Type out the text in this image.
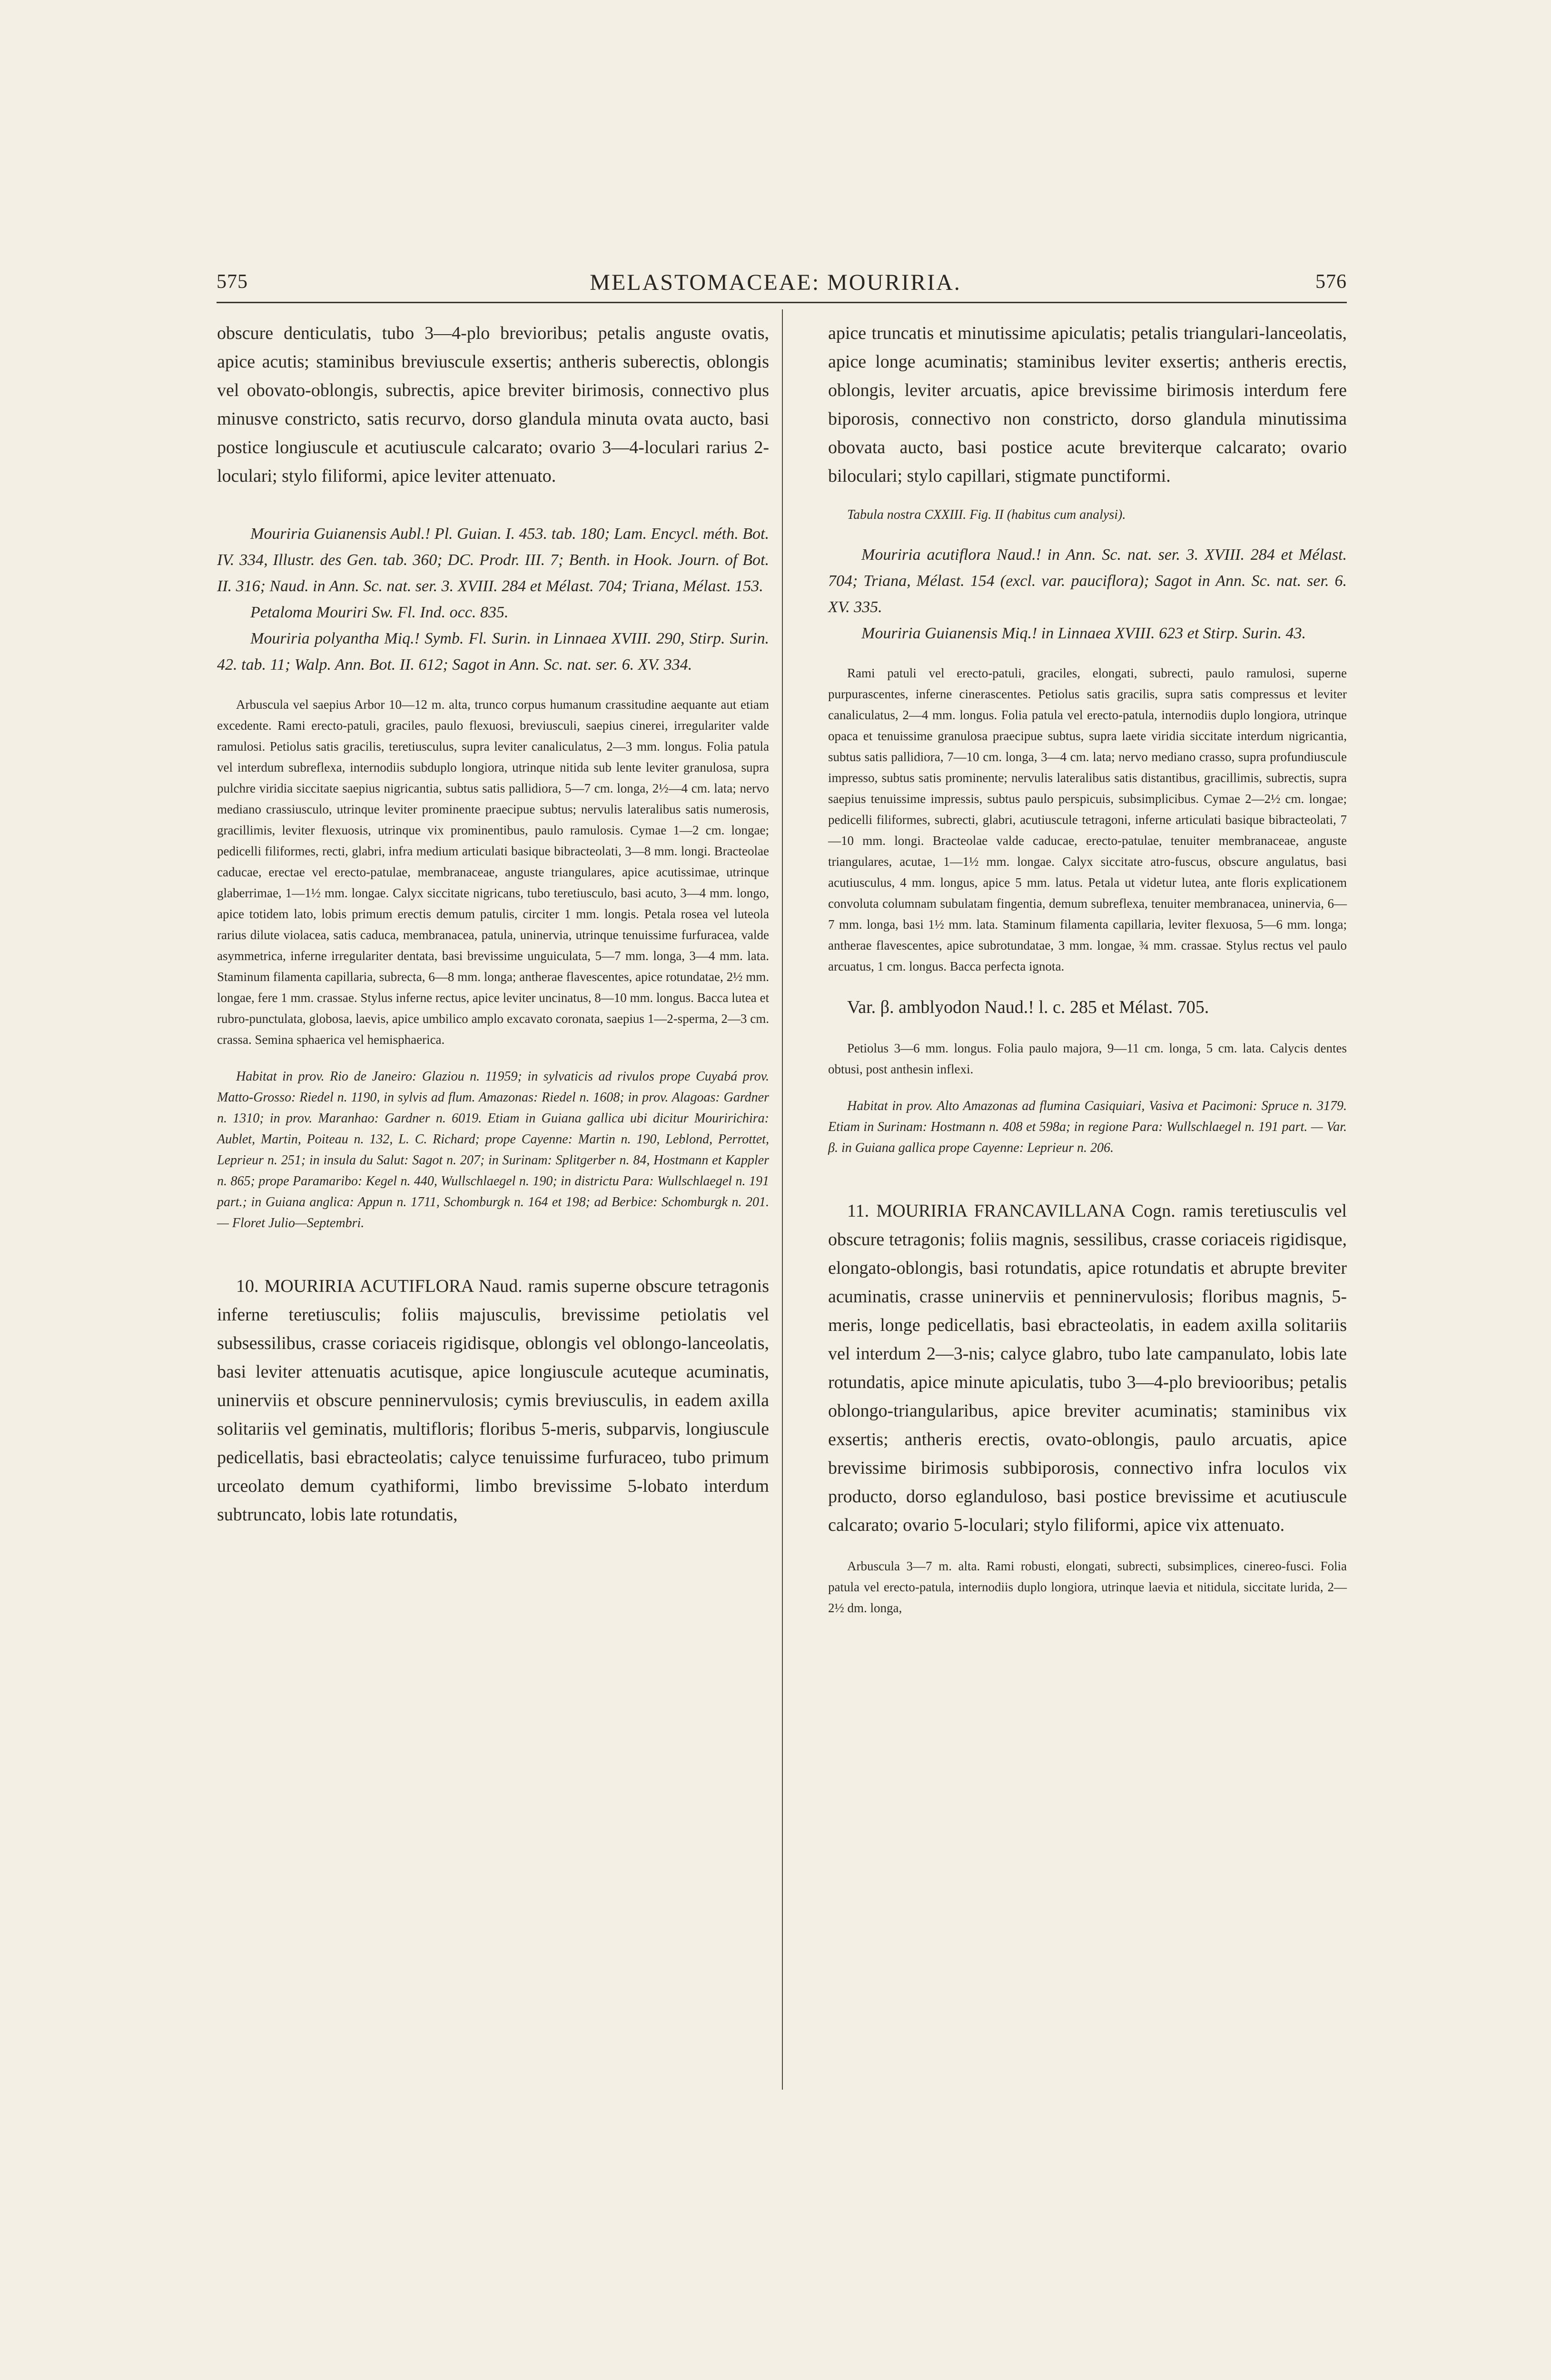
575	MELASTOMACEAE: MOURIRIA.	576

obscure denticulatis, tubo 3—4-plo brevioribus; petalis anguste ovatis, apice acutis; staminibus breviuscule exsertis; antheris suberectis, oblongis vel obovato-oblongis, subrectis, apice breviter birimosis, connectivo plus minusve constricto, satis recurvo, dorso glandula minuta ovata aucto, basi postice longiuscule et acutiuscule calcarato; ovario 3—4-loculari rarius 2-loculari; stylo filiformi, apice leviter attenuato.

Mouriria Guianensis Aubl.! Pl. Guian. I. 453. tab. 180; Lam. Encycl. méth. Bot. IV. 334, Illustr. des Gen. tab. 360; DC. Prodr. III. 7; Benth. in Hook. Journ. of Bot. II. 316; Naud. in Ann. Sc. nat. ser. 3. XVIII. 284 et Mélast. 704; Triana, Mélast. 153.

Petaloma Mouriri Sw. Fl. Ind. occ. 835.

Mouriria polyantha Miq.! Symb. Fl. Surin. in Linnaea XVIII. 290, Stirp. Surin. 42. tab. 11; Walp. Ann. Bot. II. 612; Sagot in Ann. Sc. nat. ser. 6. XV. 334.

Arbuscula vel saepius Arbor 10—12 m. alta, trunco corpus humanum crassitudine aequante aut etiam excedente. Rami erecto-patuli, graciles, paulo flexuosi, breviusculi, saepius cinerei, irregulariter valde ramulosi. Petiolus satis gracilis, teretiusculus, supra leviter canaliculatus, 2—3 mm. longus. Folia patula vel interdum subreflexa, internodiis subduplo longiora, utrinque nitida sub lente leviter granulosa, supra pulchre viridia siccitate saepius nigricantia, subtus satis pallidiora, 5—7 cm. longa, 2½—4 cm. lata; nervo mediano crassiusculo, utrinque leviter prominente praecipue subtus; nervulis lateralibus satis numerosis, gracillimis, leviter flexuosis, utrinque vix prominentibus, paulo ramulosis. Cymae 1—2 cm. longae; pedicelli filiformes, recti, glabri, infra medium articulati basique bibracteolati, 3—8 mm. longi. Bracteolae caducae, erectae vel erecto-patulae, membranaceae, anguste triangulares, apice acutissimae, utrinque glaberrimae, 1—1½ mm. longae. Calyx siccitate nigricans, tubo teretiusculo, basi acuto, 3—4 mm. longo, apice totidem lato, lobis primum erectis demum patulis, circiter 1 mm. longis. Petala rosea vel luteola rarius dilute violacea, satis caduca, membranacea, patula, uninervia, utrinque tenuissime furfuracea, valde asymmetrica, inferne irregulariter dentata, basi brevissime unguiculata, 5—7 mm. longa, 3—4 mm. lata. Staminum filamenta capillaria, subrecta, 6—8 mm. longa; antherae flavescentes, apice rotundatae, 2½ mm. longae, fere 1 mm. crassae. Stylus inferne rectus, apice leviter uncinatus, 8—10 mm. longus. Bacca lutea et rubro-punctulata, globosa, laevis, apice umbilico amplo excavato coronata, saepius 1—2-sperma, 2—3 cm. crassa. Semina sphaerica vel hemisphaerica.

Habitat in prov. Rio de Janeiro: Glaziou n. 11959; in sylvaticis ad rivulos prope Cuyabá prov. Matto-Grosso: Riedel n. 1190, in sylvis ad flum. Amazonas: Riedel n. 1608; in prov. Alagoas: Gardner n. 1310; in prov. Maranhao: Gardner n. 6019. Etiam in Guiana gallica ubi dicitur Mouririchira: Aublet, Martin, Poiteau n. 132, L. C. Richard; prope Cayenne: Martin n. 190, Leblond, Perrottet, Leprieur n. 251; in insula du Salut: Sagot n. 207; in Surinam: Splitgerber n. 84, Hostmann et Kappler n. 865; prope Paramaribo: Kegel n. 440, Wullschlaegel n. 190; in districtu Para: Wullschlaegel n. 191 part.; in Guiana anglica: Appun n. 1711, Schomburgk n. 164 et 198; ad Berbice: Schomburgk n. 201. — Floret Julio—Septembri.

10. MOURIRIA ACUTIFLORA Naud. ramis superne obscure tetragonis inferne teretiusculis; foliis majusculis, brevissime petiolatis vel subsessilibus, crasse coriaceis rigidisque, oblongis vel oblongo-lanceolatis, basi leviter attenuatis acutisque, apice longiuscule acuteque acuminatis, uninerviis et obscure penninervulosis; cymis breviusculis, in eadem axilla solitariis vel geminatis, multifloris; floribus 5-meris, subparvis, longiuscule pedicellatis, basi ebracteolatis; calyce tenuissime furfuraceo, tubo primum urceolato demum cyathiformi, limbo brevissime 5-lobato interdum subtruncato, lobis late rotundatis,

apice truncatis et minutissime apiculatis; petalis triangulari-lanceolatis, apice longe acuminatis; staminibus leviter exsertis; antheris erectis, oblongis, leviter arcuatis, apice brevissime birimosis interdum fere biporosis, connectivo non constricto, dorso glandula minutissima obovata aucto, basi postice acute breviterque calcarato; ovario biloculari; stylo capillari, stigmate punctiformi.

Tabula nostra CXXIII. Fig. II (habitus cum analysi).

Mouriria acutiflora Naud.! in Ann. Sc. nat. ser. 3. XVIII. 284 et Mélast. 704; Triana, Mélast. 154 (excl. var. pauciflora); Sagot in Ann. Sc. nat. ser. 6. XV. 335.

Mouriria Guianensis Miq.! in Linnaea XVIII. 623 et Stirp. Surin. 43.

Rami patuli vel erecto-patuli, graciles, elongati, subrecti, paulo ramulosi, superne purpurascentes, inferne cinerascentes. Petiolus satis gracilis, supra satis compressus et leviter canaliculatus, 2—4 mm. longus. Folia patula vel erecto-patula, internodiis duplo longiora, utrinque opaca et tenuissime granulosa praecipue subtus, supra laete viridia siccitate interdum nigricantia, subtus satis pallidiora, 7—10 cm. longa, 3—4 cm. lata; nervo mediano crasso, supra profundiuscule impresso, subtus satis prominente; nervulis lateralibus satis distantibus, gracillimis, subrectis, supra saepius tenuissime impressis, subtus paulo perspicuis, subsimplicibus. Cymae 2—2½ cm. longae; pedicelli filiformes, subrecti, glabri, acutiuscule tetragoni, inferne articulati basique bibracteolati, 7—10 mm. longi. Bracteolae valde caducae, erecto-patulae, tenuiter membranaceae, anguste triangulares, acutae, 1—1½ mm. longae. Calyx siccitate atro-fuscus, obscure angulatus, basi acutiusculus, 4 mm. longus, apice 5 mm. latus. Petala ut videtur lutea, ante floris explicationem convoluta columnam subulatam fingentia, demum subreflexa, tenuiter membranacea, uninervia, 6—7 mm. longa, basi 1½ mm. lata. Staminum filamenta capillaria, leviter flexuosa, 5—6 mm. longa; antherae flavescentes, apice subrotundatae, 3 mm. longae, ¾ mm. crassae. Stylus rectus vel paulo arcuatus, 1 cm. longus. Bacca perfecta ignota.

Var. β. amblyodon Naud.! l. c. 285 et Mélast. 705.

Petiolus 3—6 mm. longus. Folia paulo majora, 9—11 cm. longa, 5 cm. lata. Calycis dentes obtusi, post anthesin inflexi.

Habitat in prov. Alto Amazonas ad flumina Casiquiari, Vasiva et Pacimoni: Spruce n. 3179. Etiam in Surinam: Hostmann n. 408 et 598a; in regione Para: Wullschlaegel n. 191 part. — Var. β. in Guiana gallica prope Cayenne: Leprieur n. 206.

11. MOURIRIA FRANCAVILLANA Cogn. ramis teretiusculis vel obscure tetragonis; foliis magnis, sessilibus, crasse coriaceis rigidisque, elongato-oblongis, basi rotundatis, apice rotundatis et abrupte breviter acuminatis, crasse uninerviis et penninervulosis; floribus magnis, 5-meris, longe pedicellatis, basi ebracteolatis, in eadem axilla solitariis vel interdum 2—3-nis; calyce glabro, tubo late campanulato, lobis late rotundatis, apice minute apiculatis, tubo 3—4-plo breviooribus; petalis oblongo-triangularibus, apice breviter acuminatis; staminibus vix exsertis; antheris erectis, ovato-oblongis, paulo arcuatis, apice brevissime birimosis subbiporosis, connectivo infra loculos vix producto, dorso eglanduloso, basi postice brevissime et acutiuscule calcarato; ovario 5-loculari; stylo filiformi, apice vix attenuato.

Arbuscula 3—7 m. alta. Rami robusti, elongati, subrecti, subsimplices, cinereo-fusci. Folia patula vel erecto-patula, internodiis duplo longiora, utrinque laevia et nitidula, siccitate lurida, 2—2½ dm. longa,
